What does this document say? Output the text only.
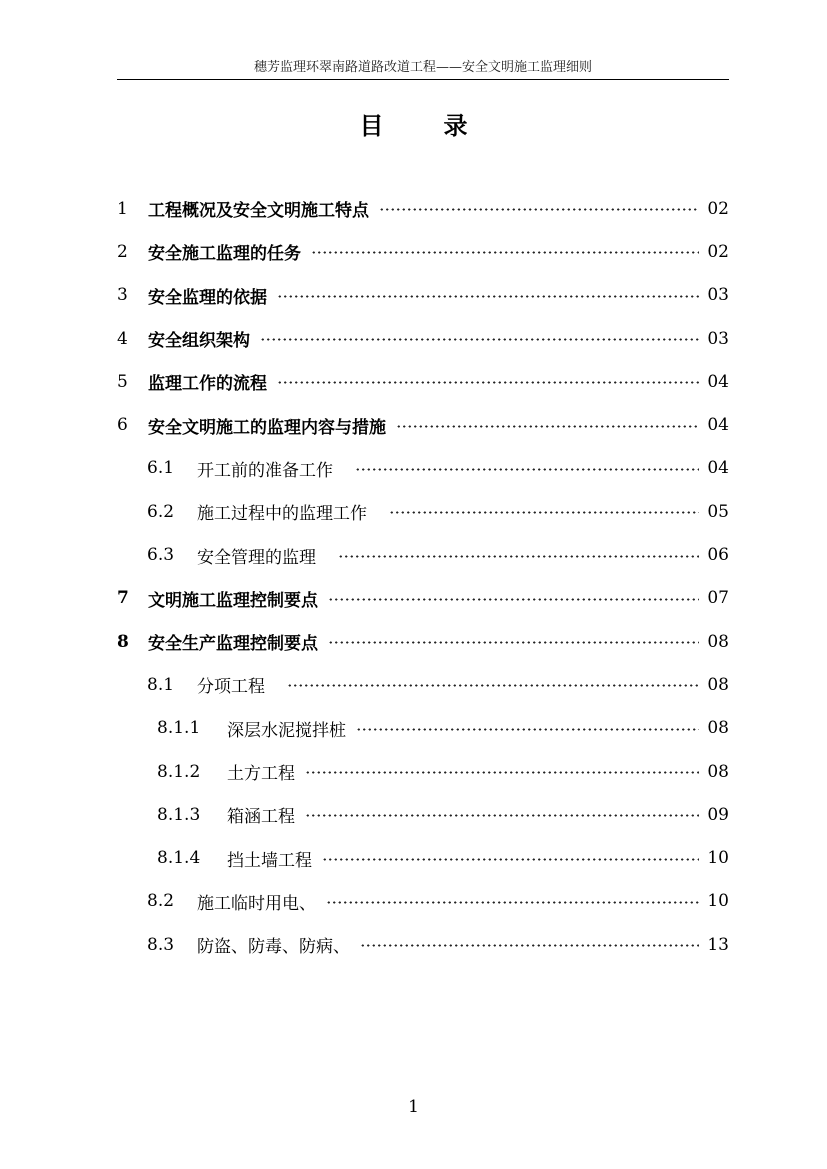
穗芳监理环翠南路道路改道工程——安全文明施工监理细则
目	录
1	工程概况及安全文明施工特点	02
2	安全施工监理的任务	02
3	安全监理的依据	03
4	安全组织架构	03
5	监理工作的流程	04
6	安全文明施工的监理内容与措施	04
6.1	开工前的准备工作	04
6.2	施工过程中的监理工作	05
6.3	安全管理的监理	06
7	文明施工监理控制要点	07
8	安全生产监理控制要点	08
8.1	分项工程	08
8.1.1	深层水泥搅拌桩	08
8.1.2	土方工程	08
8.1.3	箱涵工程	09
8.1.4	挡土墙工程	10
8.2	施工临时用电、	10
8.3	防盗、防毒、防病、	13
1
